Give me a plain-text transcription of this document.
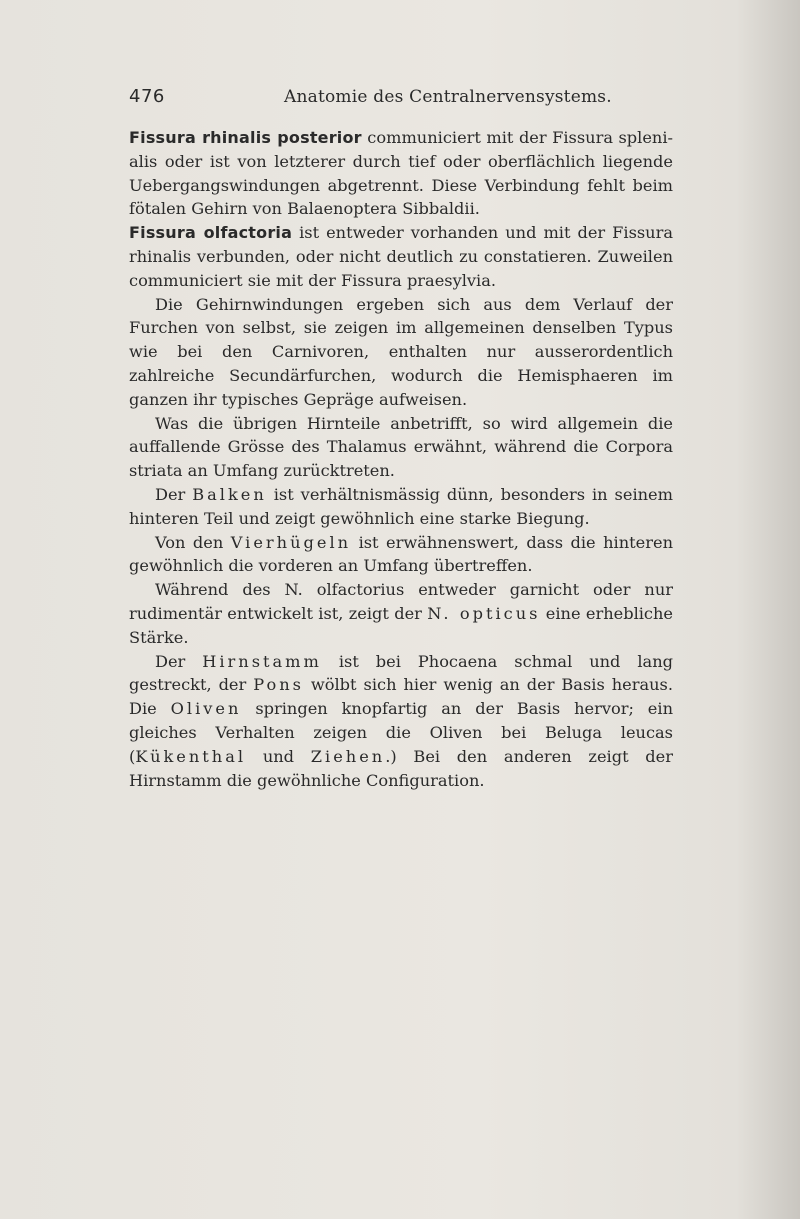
476	Anatomie des Centralnervensystems.

Fissura rhinalis posterior communiciert mit der Fissura splenialis oder ist von letzterer durch tief oder oberflächlich liegende Uebergangswindungen abgetrennt. Diese Verbindung fehlt beim fötalen Gehirn von Balaenoptera Sibbaldii.

Fissura olfactoria ist entweder vorhanden und mit der Fissura rhinalis verbunden, oder nicht deutlich zu constatieren. Zuweilen communiciert sie mit der Fissura praesylvia.

Die Gehirnwindungen ergeben sich aus dem Verlauf der Furchen von selbst, sie zeigen im allgemeinen denselben Typus wie bei den Carnivoren, enthalten nur ausserordentlich zahlreiche Secundärfurchen, wodurch die Hemisphaeren im ganzen ihr typisches Gepräge aufweisen.

Was die übrigen Hirnteile anbetrifft, so wird allgemein die auffallende Grösse des Thalamus erwähnt, während die Corpora striata an Umfang zurücktreten.

Der Balken ist verhältnismässig dünn, besonders in seinem hinteren Teil und zeigt gewöhnlich eine starke Biegung.

Von den Vierhügeln ist erwähnenswert, dass die hinteren gewöhnlich die vorderen an Umfang übertreffen.

Während des N. olfactorius entweder garnicht oder nur rudimentär entwickelt ist, zeigt der N. opticus eine erhebliche Stärke.

Der Hirnstamm ist bei Phocaena schmal und lang gestreckt, der Pons wölbt sich hier wenig an der Basis heraus. Die Oliven springen knopfartig an der Basis hervor; ein gleiches Verhalten zeigen die Oliven bei Beluga leucas (Kükenthal und Ziehen.) Bei den anderen zeigt der Hirnstamm die gewöhnliche Configuration.
